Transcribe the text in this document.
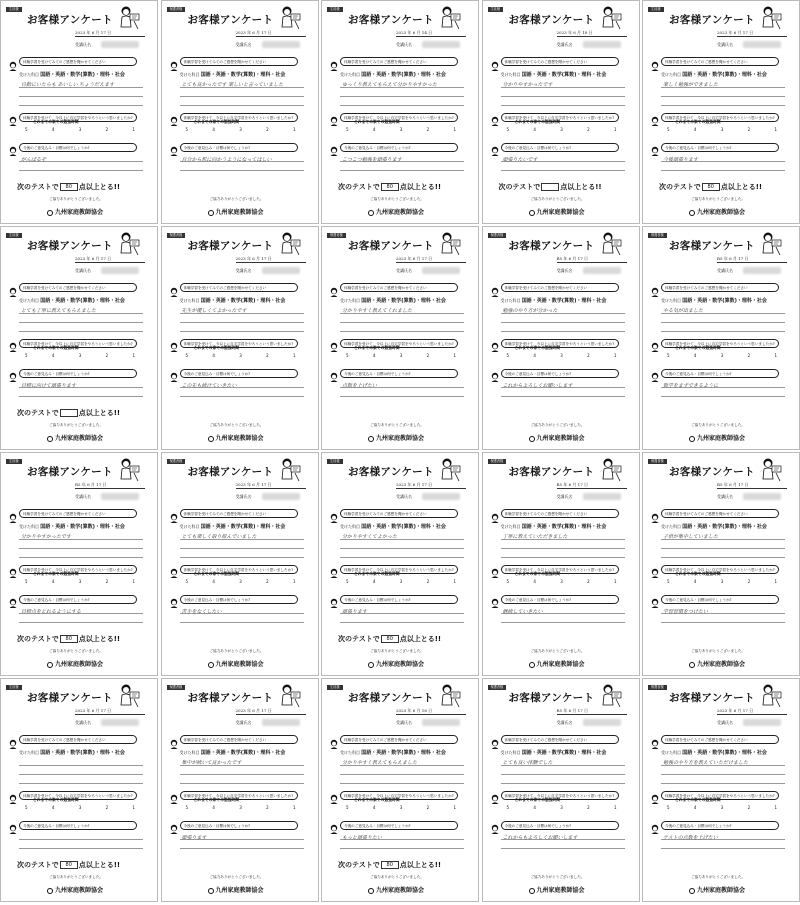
生徒様
お客様アンケート
2023 年 6 月 17 日
受講氏名
体験学習を受けてみてのご感想を聞かせてください
受けた科目 国語・英語・数学(算数)・理科・社会
自動にいたらも あいしい ちょうだえます
これまでの家での勉強時間
体験学習を受けて、今以上に自宅学習をやろうという思いましたか?
5	4	3	2	1
今後のご意見込み・目標は何でしょうか?
がんばるぞ
次のテストで 80 点以上とる!!
ご協力ありがとうございました。
九州家庭教師協会
保護者様
お客様アンケート
2023 年 6 月 17 日
受講氏名
体験学習を受けてみてのご感想を聞かせてください
受けた科目 国語・英語・数学(算数)・理科・社会
とても良かったです 楽しいと言っていました
これまでの家での勉強時間
体験学習を受けて、今以上に自宅学習をやろうという思いましたか?
5	4	3	2	1
今後のご意見込み・目標は何でしょうか?
自分から机に向かうようになってほしい
ご協力ありがとうございました。
九州家庭教師協会
生徒様
お客様アンケート
2023 年 6 月 14 日
受講氏名
体験学習を受けてみてのご感想を聞かせてください
受けた科目 国語・英語・数学(算数)・理科・社会
ゆっくり教えてもらえて分かりやすかった
これまでの家での勉強時間
体験学習を受けて、今以上に自宅学習をやろうという思いましたか?
5	4	3	2	1
今後のご意見込み・目標は何でしょうか?
こつこつ勉強を頑張ります
次のテストで 80 点以上とる!!
ご協力ありがとうございました。
九州家庭教師協会
生徒様
お客様アンケート
2023 年 6 月 18 日
受講氏名
体験学習を受けてみてのご感想を聞かせてください
受けた科目 国語・英語・数学(算数)・理科・社会
分かりやすかったです
これまでの家での勉強時間
体験学習を受けて、今以上に自宅学習をやろうという思いましたか?
5	4	3	2	1
今後のご意見込み・目標は何でしょうか?
頑張りたいです
次のテストで	点以上とる!!
ご協力ありがとうございました。
九州家庭教師協会
生徒様
お客様アンケート
2023 年 6 月 17 日
受講氏名
体験学習を受けてみてのご感想を聞かせてください
受けた科目 国語・英語・数学(算数)・理科・社会
楽しく勉強ができました
これまでの家での勉強時間
体験学習を受けて、今以上に自宅学習をやろうという思いましたか?
5	4	3	2	1
今後のご意見込み・目標は何でしょうか?
今後頑張ります
次のテストで 80 点以上とる!!
ご協力ありがとうございました。
九州家庭教師協会
生徒様
お客様アンケート
2023 年 6 月 17 日
受講氏名
体験学習を受けてみてのご感想を聞かせてください
受けた科目 国語・英語・数学(算数)・理科・社会
とても丁寧に教えてもらえました
これまでの家での勉強時間
体験学習を受けて、今以上に自宅学習をやろうという思いましたか?
5	4	3	2	1
今後のご意見込み・目標は何でしょうか?
目標に向けて頑張ります
次のテストで	点以上とる!!
ご協力ありがとうございました。
九州家庭教師協会
保護者様
お客様アンケート
2023 年 6 月 17 日
受講氏名
体験学習を受けてみてのご感想を聞かせてください
受けた科目 国語・英語・数学(算数)・理科・社会
先生が優しくてよかったです
これまでの家での勉強時間
体験学習を受けて、今以上に自宅学習をやろうという思いましたか?
5	4	3	2	1
今後のご意見込み・目標は何でしょうか?
この先も続けていきたい
ご協力ありがとうございました。
九州家庭教師協会
保護者様
お客様アンケート
2023 年 6 月 17 日
受講氏名
体験学習を受けてみてのご感想を聞かせてください
受けた科目 国語・英語・数学(算数)・理科・社会
分かりやすく教えてくれました
これまでの家での勉強時間
体験学習を受けて、今以上に自宅学習をやろうという思いましたか?
5	4	3	2	1
今後のご意見込み・目標は何でしょうか?
点数を上げたい
ご協力ありがとうございました。
九州家庭教師協会
保護者様
お客様アンケート
R5 年 6 月 17 日
受講氏名
体験学習を受けてみてのご感想を聞かせてください
受けた科目 国語・英語・数学(算数)・理科・社会
勉強のやり方が分かった
これまでの家での勉強時間
体験学習を受けて、今以上に自宅学習をやろうという思いましたか?
5	4	3	2	1
今後のご意見込み・目標は何でしょうか?
これからよろしくお願いします
ご協力ありがとうございました。
九州家庭教師協会
保護者様
お客様アンケート
R5 年 6 月 17 日
受講氏名
体験学習を受けてみてのご感想を聞かせてください
受けた科目 国語・英語・数学(算数)・理科・社会
やる気が出ました
これまでの家での勉強時間
体験学習を受けて、今以上に自宅学習をやろうという思いましたか?
5	4	3	2	1
今後のご意見込み・目標は何でしょうか?
数学をまずできるように
ご協力ありがとうございました。
九州家庭教師協会
生徒様
お客様アンケート
R5 年 6 月 17 日
受講氏名
体験学習を受けてみてのご感想を聞かせてください
受けた科目 国語・英語・数学(算数)・理科・社会
分かりやすかったです
これまでの家での勉強時間
体験学習を受けて、今以上に自宅学習をやろうという思いましたか?
5	4	3	2	1
今後のご意見込み・目標は何でしょうか?
目標点をとれるようにする
次のテストで 80 点以上とる!!
ご協力ありがとうございました。
九州家庭教師協会
保護者様
お客様アンケート
2023 年 6 月 17 日
受講氏名
体験学習を受けてみてのご感想を聞かせてください
受けた科目 国語・英語・数学(算数)・理科・社会
とても楽しく取り組んでいました
これまでの家での勉強時間
体験学習を受けて、今以上に自宅学習をやろうという思いましたか?
5	4	3	2	1
今後のご意見込み・目標は何でしょうか?
苦手をなくしたい
ご協力ありがとうございました。
九州家庭教師協会
生徒様
お客様アンケート
2023 年 6 月 17 日
受講氏名
体験学習を受けてみてのご感想を聞かせてください
受けた科目 国語・英語・数学(算数)・理科・社会
分かりやすくてよかった
これまでの家での勉強時間
体験学習を受けて、今以上に自宅学習をやろうという思いましたか?
5	4	3	2	1
今後のご意見込み・目標は何でしょうか?
頑張ります
次のテストで 80 点以上とる!!
ご協力ありがとうございました。
九州家庭教師協会
保護者様
お客様アンケート
R5 年 6 月 17 日
受講氏名
体験学習を受けてみてのご感想を聞かせてください
受けた科目 国語・英語・数学(算数)・理科・社会
丁寧に教えていただきました
これまでの家での勉強時間
体験学習を受けて、今以上に自宅学習をやろうという思いましたか?
5	4	3	2	1
今後のご意見込み・目標は何でしょうか?
継続していきたい
ご協力ありがとうございました。
九州家庭教師協会
保護者様
お客様アンケート
R5 年 6 月 17 日
受講氏名
体験学習を受けてみてのご感想を聞かせてください
受けた科目 国語・英語・数学(算数)・理科・社会
子供が集中していました
これまでの家での勉強時間
体験学習を受けて、今以上に自宅学習をやろうという思いましたか?
5	4	3	2	1
今後のご意見込み・目標は何でしょうか?
学習習慣をつけたい
ご協力ありがとうございました。
九州家庭教師協会
生徒様
お客様アンケート
2023 年 6 月 17 日
受講氏名
体験学習を受けてみてのご感想を聞かせてください
受けた科目 国語・英語・数学(算数)・理科・社会
これまでの家での勉強時間
体験学習を受けて、今以上に自宅学習をやろうという思いましたか?
5	4	3	2	1
今後のご意見込み・目標は何でしょうか?
次のテストで 80 点以上とる!!
ご協力ありがとうございました。
九州家庭教師協会
保護者様
お客様アンケート
2023 年 6 月 17 日
受講氏名
体験学習を受けてみてのご感想を聞かせてください
受けた科目 国語・英語・数学(算数)・理科・社会
集中が続いて良かったです
これまでの家での勉強時間
体験学習を受けて、今以上に自宅学習をやろうという思いましたか?
5	4	3	2	1
今後のご意見込み・目標は何でしょうか?
頑張ります
ご協力ありがとうございました。
九州家庭教師協会
生徒様
お客様アンケート
2023 年 6 月 16 日
受講氏名
体験学習を受けてみてのご感想を聞かせてください
受けた科目 国語・英語・数学(算数)・理科・社会
分かりやすく教えてもらえました
これまでの家での勉強時間
体験学習を受けて、今以上に自宅学習をやろうという思いましたか?
5	4	3	2	1
今後のご意見込み・目標は何でしょうか?
もっと頑張りたい
次のテストで 80 点以上とる!!
ご協力ありがとうございました。
九州家庭教師協会
保護者様
お客様アンケート
R5 年 6 月 17 日
受講氏名
体験学習を受けてみてのご感想を聞かせてください
受けた科目 国語・英語・数学(算数)・理科・社会
とても良い体験でした
これまでの家での勉強時間
体験学習を受けて、今以上に自宅学習をやろうという思いましたか?
5	4	3	2	1
今後のご意見込み・目標は何でしょうか?
これからもよろしくお願いします
ご協力ありがとうございました。
九州家庭教師協会
保護者様
お客様アンケート
2023 年 6 月 17 日
受講氏名
体験学習を受けてみてのご感想を聞かせてください
受けた科目 国語・英語・数学(算数)・理科・社会
勉強のやり方を教えていただけました
これまでの家での勉強時間
体験学習を受けて、今以上に自宅学習をやろうという思いましたか?
5	4	3	2	1
今後のご意見込み・目標は何でしょうか?
テストの点数を上げたい
ご協力ありがとうございました。
九州家庭教師協会
